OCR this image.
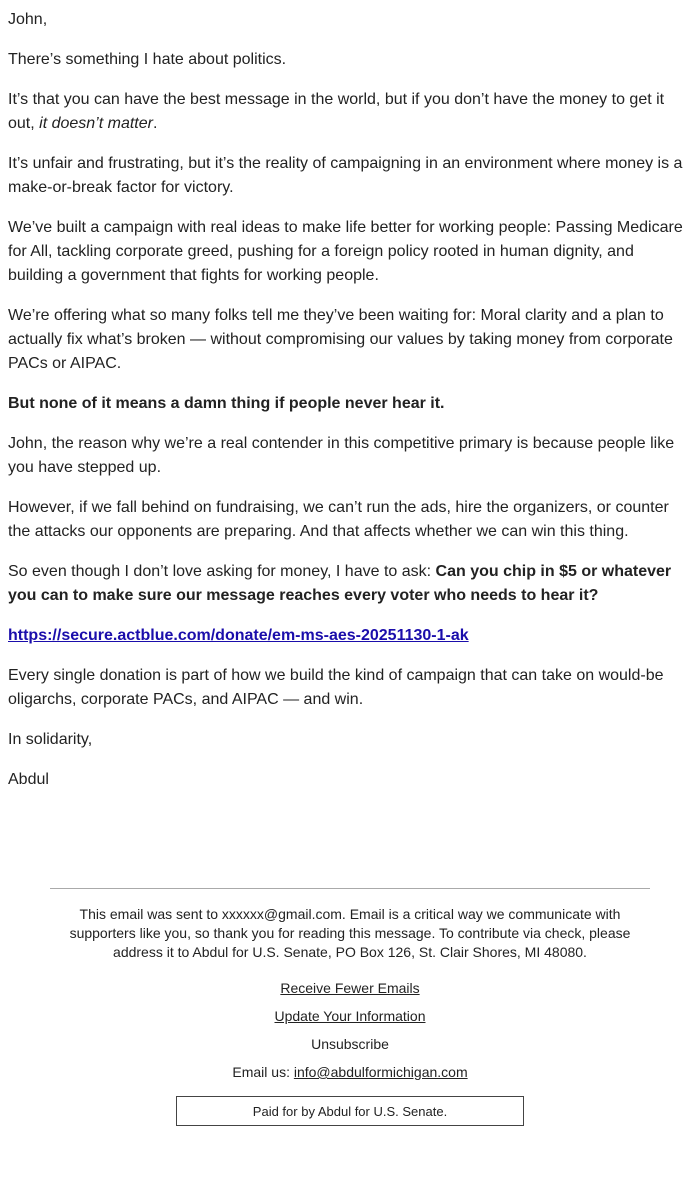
John,

There’s something I hate about politics.

It’s that you can have the best message in the world, but if you don’t have the money to get it out, it doesn’t matter.

It’s unfair and frustrating, but it’s the reality of campaigning in an environment where money is a make-or-break factor for victory.

We’ve built a campaign with real ideas to make life better for working people: Passing Medicare for All, tackling corporate greed, pushing for a foreign policy rooted in human dignity, and building a government that fights for working people.

We’re offering what so many folks tell me they’ve been waiting for: Moral clarity and a plan to actually fix what’s broken — without compromising our values by taking money from corporate PACs or AIPAC.

But none of it means a damn thing if people never hear it.

John, the reason why we’re a real contender in this competitive primary is because people like you have stepped up.

However, if we fall behind on fundraising, we can’t run the ads, hire the organizers, or counter the attacks our opponents are preparing. And that affects whether we can win this thing.

So even though I don’t love asking for money, I have to ask: Can you chip in $5 or whatever you can to make sure our message reaches every voter who needs to hear it?

https://secure.actblue.com/donate/em-ms-aes-20251130-1-ak

Every single donation is part of how we build the kind of campaign that can take on would-be oligarchs, corporate PACs, and AIPAC — and win.

In solidarity,

Abdul

This email was sent to xxxxxx@gmail.com. Email is a critical way we communicate with supporters like you, so thank you for reading this message. To contribute via check, please address it to Abdul for U.S. Senate, PO Box 126, St. Clair Shores, MI 48080.

Receive Fewer Emails

Update Your Information

Unsubscribe

Email us: info@abdulformichigan.com

Paid for by Abdul for U.S. Senate.
